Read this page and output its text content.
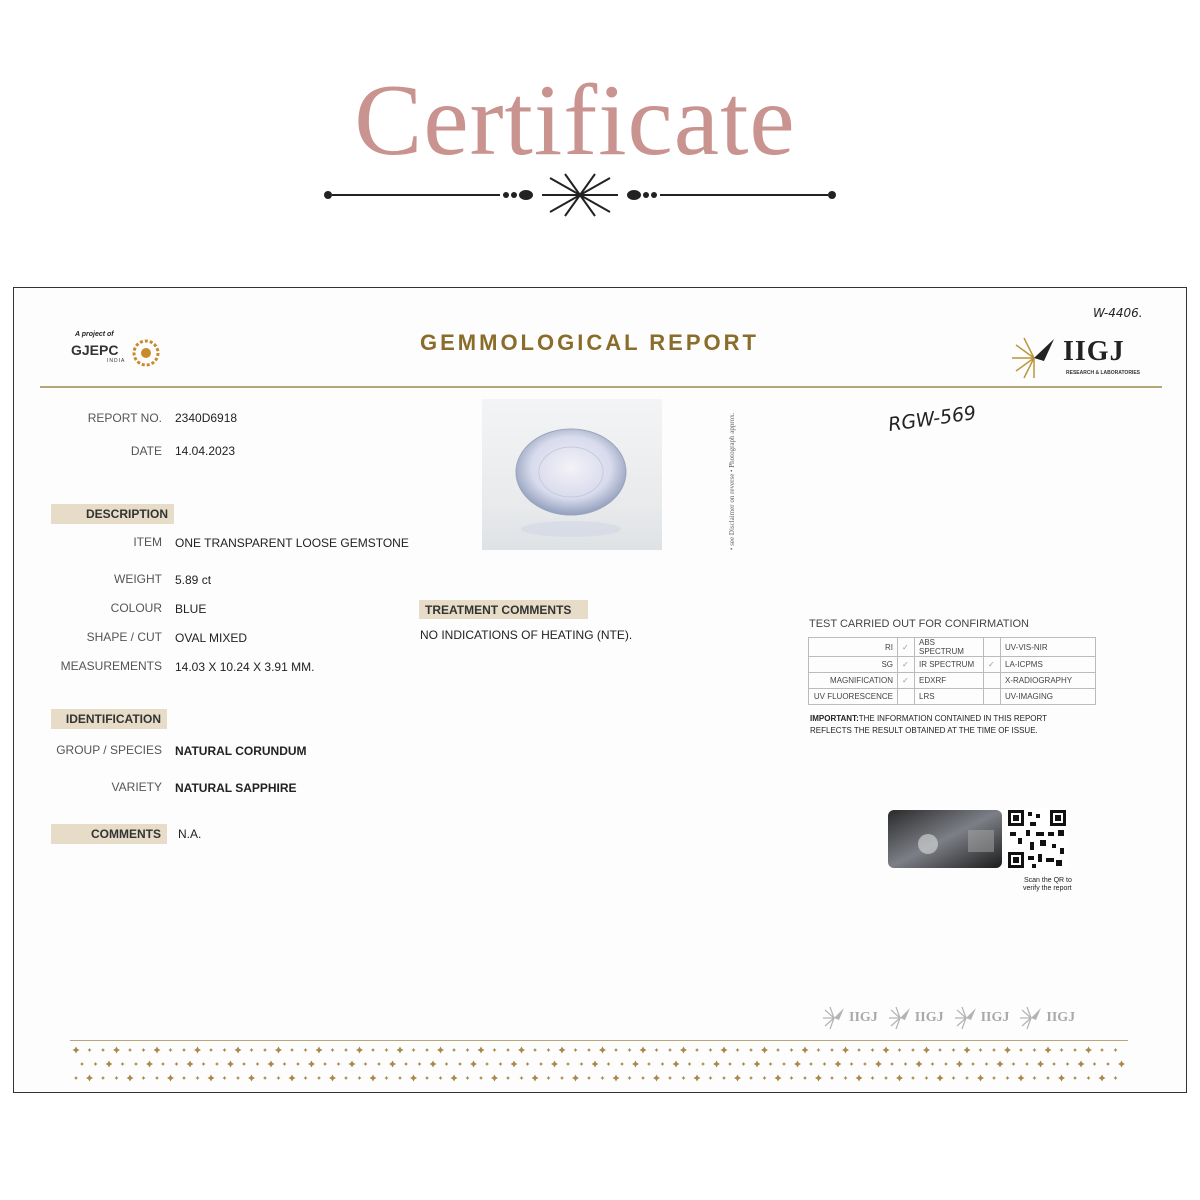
Certificate
A project of
GJEPC
INDIA
GEMMOLOGICAL REPORT	IIGJ
RESEARCH & LABORATORIES
W-4406.
REPORT NO. 2340D6918
DATE 14.04.2023
DESCRIPTION
ITEM ONE TRANSPARENT LOOSE GEMSTONE
WEIGHT 5.89 ct
COLOUR BLUE
SHAPE / CUT OVAL MIXED
MEASUREMENTS 14.03 X 10.24 X 3.91 MM.
IDENTIFICATION
GROUP / SPECIES NATURAL CORUNDUM
VARIETY NATURAL SAPPHIRE
COMMENTS	N.A.
• see Disclaimer on reverse • Photograph approx.	RGW-569
TREATMENT COMMENTS
NO INDICATIONS OF HEATING (NTE).
TEST CARRIED OUT FOR CONFIRMATION
RI	✓	ABS SPECTRUM		UV-VIS-NIR
SG	✓	IR SPECTRUM	✓	LA-ICPMS
MAGNIFICATION	✓	EDXRF		X-RADIOGRAPHY
UV FLUORESCENCE		LRS		UV-IMAGING
IMPORTANT:THE INFORMATION CONTAINED IN THIS REPORT REFLECTS THE RESULT OBTAINED AT THE TIME OF ISSUE.
Scan the QR to
verify the report
IIGJ	IIGJ	IIGJ	IIGJ
